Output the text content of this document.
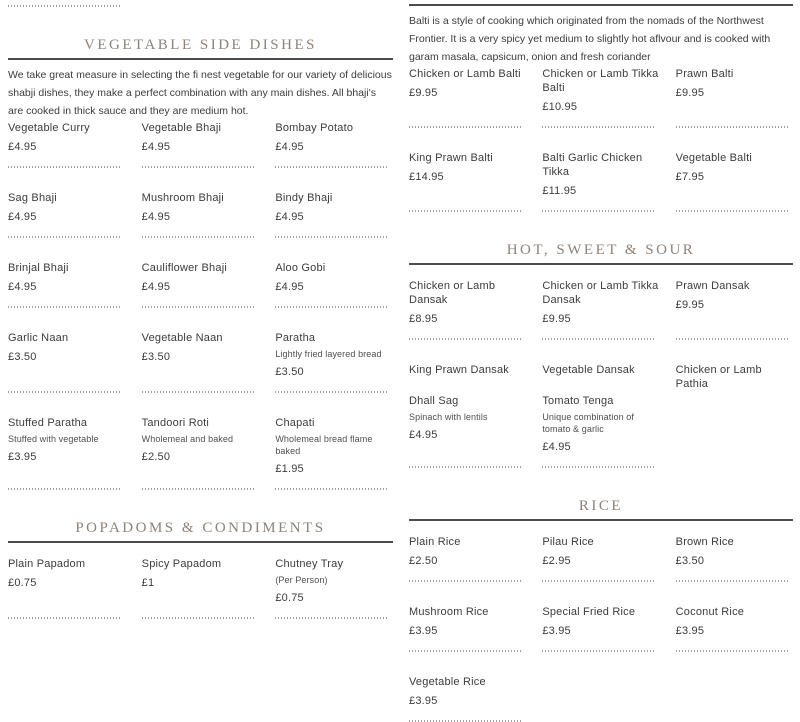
VEGETABLE SIDE DISHES

We take great measure in selecting the fi nest vegetable for our variety of delicious shabji dishes, they make a perfect combination with any main dishes. All bhaji's are cooked in thick sauce and they are medium hot.

Vegetable Curry
£4.95
Vegetable Bhaji
£4.95
Bombay Potato
£4.95
Sag Bhaji
£4.95
Mushroom Bhaji
£4.95
Bindy Bhaji
£4.95
Brinjal Bhaji
£4.95
Cauliflower Bhaji
£4.95
Aloo Gobi
£4.95
Garlic Naan
£3.50
Vegetable Naan
£3.50
Paratha
Lightly fried layered bread
£3.50
Stuffed Paratha
Stuffed with vegetable
£3.95
Tandoori Roti
Wholemeal and baked
£2.50
Chapati
Wholemeal bread flame baked
£1.95
POPADOMS & CONDIMENTS
Plain Papadom
£0.75
Spicy Papadom
£1
Chutney Tray
(Per Person)
£0.75

Balti is a style of cooking which originated from the nomads of the Northwest Frontier. It is a very spicy yet medium to slightly hot aflvour and is cooked with garam masala, capsicum, onion and fresh coriander

Chicken or Lamb Balti
£9.95
Chicken or Lamb Tikka Balti
£10.95
Prawn Balti
£9.95
King Prawn Balti
£14.95
Balti Garlic Chicken Tikka
£11.95
Vegetable Balti
£7.95
HOT, SWEET & SOUR
Chicken or Lamb Dansak
£8.95
Chicken or Lamb Tikka Dansak
£9.95
Prawn Dansak
£9.95
King Prawn Dansak	Vegetable Dansak	Chicken or Lamb Pathia
Dhall Sag
Spinach with lentils
£4.95
Tomato Tenga
Unique combination of tomato & garlic
£4.95
RICE
Plain Rice
£2.50
Pilau Rice
£2.95
Brown Rice
£3.50
Mushroom Rice
£3.95
Special Fried Rice
£3.95
Coconut Rice
£3.95
Vegetable Rice
£3.95
